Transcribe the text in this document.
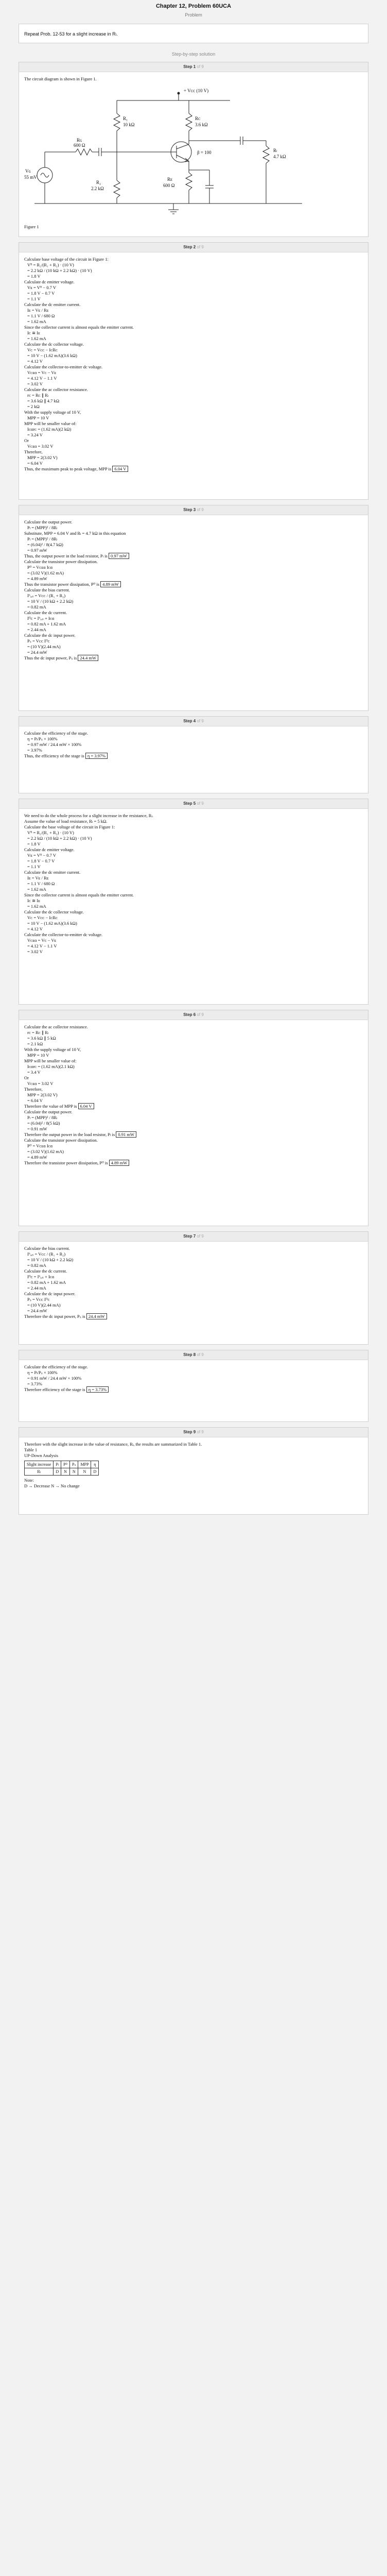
Chapter 12, Problem 60UCA
Problem
Repeat Prob. 12-53 for a slight increase in Rₗ.
Step-by-step solution
Step 1 of 9
The circuit diagram is shown in Figure 1.
+ Vᴄᴄ (10 V)
R₁
10 kΩ
Rᴄ
3.6 kΩ
Rɢ
600 Ω
R₂
2.2 kΩ
Rᴇ
600 Ω
Rₗ
4.7 kΩ
Vɢ
55 mV
β = 100
Figure 1
Step 2 of 9
Calculate base voltage of the circuit in Figure 1:
Vᴮ = R₂/(R₁ + R₂) · (10 V)
= 2.2 kΩ / (10 kΩ + 2.2 kΩ) · (10 V)
= 1.8 V
Calculate dc emitter voltage.
Vᴇ = Vᴮ − 0.7 V
= 1.8 V − 0.7 V
= 1.1 V
Calculate the dc emitter current.
Iᴇ = Vᴇ / Rᴇ
= 1.1 V / 680 Ω
= 1.62 mA
Since the collector current is almost equals the emitter current.
Iᴄ ≅ Iᴇ
= 1.62 mA
Calculate the dc collector voltage.
Vᴄ = Vᴄᴄ − IᴄRᴄ
= 10 V − (1.62 mA)(3.6 kΩ)
= 4.12 V
Calculate the collector-to-emitter dc voltage.
Vᴄᴇɑ = Vᴄ − Vᴇ
= 4.12 V − 1.1 V
= 3.02 V
Calculate the ac collector resistance.
rᴄ = Rᴄ ∥ Rₗ
= 3.6 kΩ ∥ 4.7 kΩ
= 2 kΩ
With the supply voltage of 10 V,
MPP = 10 V
MPP will be smaller value of:
Iᴄɑrᴄ = (1.62 mA)(2 kΩ)
= 3.24 V
Or
Vᴄᴇɑ = 3.02 V
Therefore,
MPP = 2(3.02 V)
= 6.04 V
Thus, the maximum peak to peak voltage, MPP is 6.04 V
Step 3 of 9
Calculate the output power.
Pₗ = (MPP)² / 8Rₗ
Substitute, MPP = 6.04 V and Rₗ = 4.7 kΩ in this equation
Pₗ = (MPP)² / 8Rₗ
= (6.04)² / 8(4.7 kΩ)
= 0.97 mW
Thus, the output power in the load resistor, Pₗ is 0.97 mW
Calculate the transistor power dissipation.
Pᴰ = Vᴄᴇɑ Iᴄɑ
= (3.02 V)(1.62 mA)
= 4.89 mW
Thus the transistor power dissipation, Pᴰ is 4.89 mW
Calculate the bias current.
Iᵇᵢₐₛ = Vᴄᴄ / (R₁ + R₂)
= 10 V / (10 kΩ + 2.2 kΩ)
= 0.82 mA
Calculate the dc current.
Iᴰᴄ = Iᵇᵢₐₛ + Iᴄɑ
= 0.82 mA + 1.62 mA
= 2.44 mA
Calculate the dc input power.
Pₛ = Vᴄᴄ Iᴰᴄ
= (10 V)(2.44 mA)
= 24.4 mW
Thus the dc input power, Pₛ is 24.4 mW
Step 4 of 9
Calculate the efficiency of the stage.
η = Pₗ/Pₛ × 100%
= 0.97 mW / 24.4 mW × 100%
= 3.97%
Thus, the efficiency of the stage is η = 3.97%
Step 5 of 9
We need to do the whole process for a slight increase in the resistance, Rₗ.
Assume the value of load resistance, Rₗ = 5 kΩ.
Calculate the base voltage of the circuit in Figure 1:
Vᴮ = R₂/(R₁ + R₂) · (10 V)
= 2.2 kΩ / (10 kΩ + 2.2 kΩ) · (10 V)
= 1.8 V
Calculate dc emitter voltage.
Vᴇ = Vᴮ − 0.7 V
= 1.8 V − 0.7 V
= 1.1 V
Calculate the dc emitter current.
Iᴇ = Vᴇ / Rᴇ
= 1.1 V / 680 Ω
= 1.62 mA
Since the collector current is almost equals the emitter current.
Iᴄ ≅ Iᴇ
= 1.62 mA
Calculate the dc collector voltage.
Vᴄ = Vᴄᴄ − IᴄRᴄ
= 10 V − (1.62 mA)(3.6 kΩ)
= 4.12 V
Calculate the collector-to-emitter dc voltage.
Vᴄᴇɑ = Vᴄ − Vᴇ
= 4.12 V − 1.1 V
= 3.02 V
Step 6 of 9
Calculate the ac collector resistance.
rᴄ = Rᴄ ∥ Rₗ
= 3.6 kΩ ∥ 5 kΩ
= 2.1 kΩ
With the supply voltage of 10 V,
MPP = 10 V
MPP will be smaller value of:
Iᴄɑrᴄ = (1.62 mA)(2.1 kΩ)
= 3.4 V
Or
Vᴄᴇɑ = 3.02 V
Therefore,
MPP = 2(3.02 V)
= 6.04 V
Therefore the value of MPP is 6.04 V
Calculate the output power.
Pₗ = (MPP)² / 8Rₗ
= (6.04)² / 8(5 kΩ)
= 0.91 mW
Therefore the output power in the load resistor, Pₗ is 0.91 mW
Calculate the transistor power dissipation.
Pᴰ = Vᴄᴇɑ Iᴄɑ
= (3.02 V)(1.62 mA)
= 4.89 mW
Therefore the transistor power dissipation, Pᴰ is 4.89 mW
Step 7 of 9
Calculate the bias current.
Iᵇᵢₐₛ = Vᴄᴄ / (R₁ + R₂)
= 10 V / (10 kΩ + 2.2 kΩ)
= 0.82 mA
Calculate the dc current.
Iᴰᴄ = Iᵇᵢₐₛ + Iᴄɑ
= 0.82 mA + 1.62 mA
= 2.44 mA
Calculate the dc input power.
Pₛ = Vᴄᴄ Iᴰᴄ
= (10 V)(2.44 mA)
= 24.4 mW
Therefore the dc input power, Pₛ is 24.4 mW
Step 8 of 9
Calculate the efficiency of the stage.
η = Pₗ/Pₛ × 100%
= 0.91 mW / 24.4 mW × 100%
= 3.73%
Therefore efficiency of the stage is η = 3.73%
Step 9 of 9
Therefore with the slight increase in the value of resistance, Rₗ, the results are summarized in Table 1.
Table 1
UP-Down Analysis
Slight increase	Pₗ	Pᴰ	Pₛ	MPP	η
Rₗ	D	N	N	N	D
Note:
D → Decrease N → No change
